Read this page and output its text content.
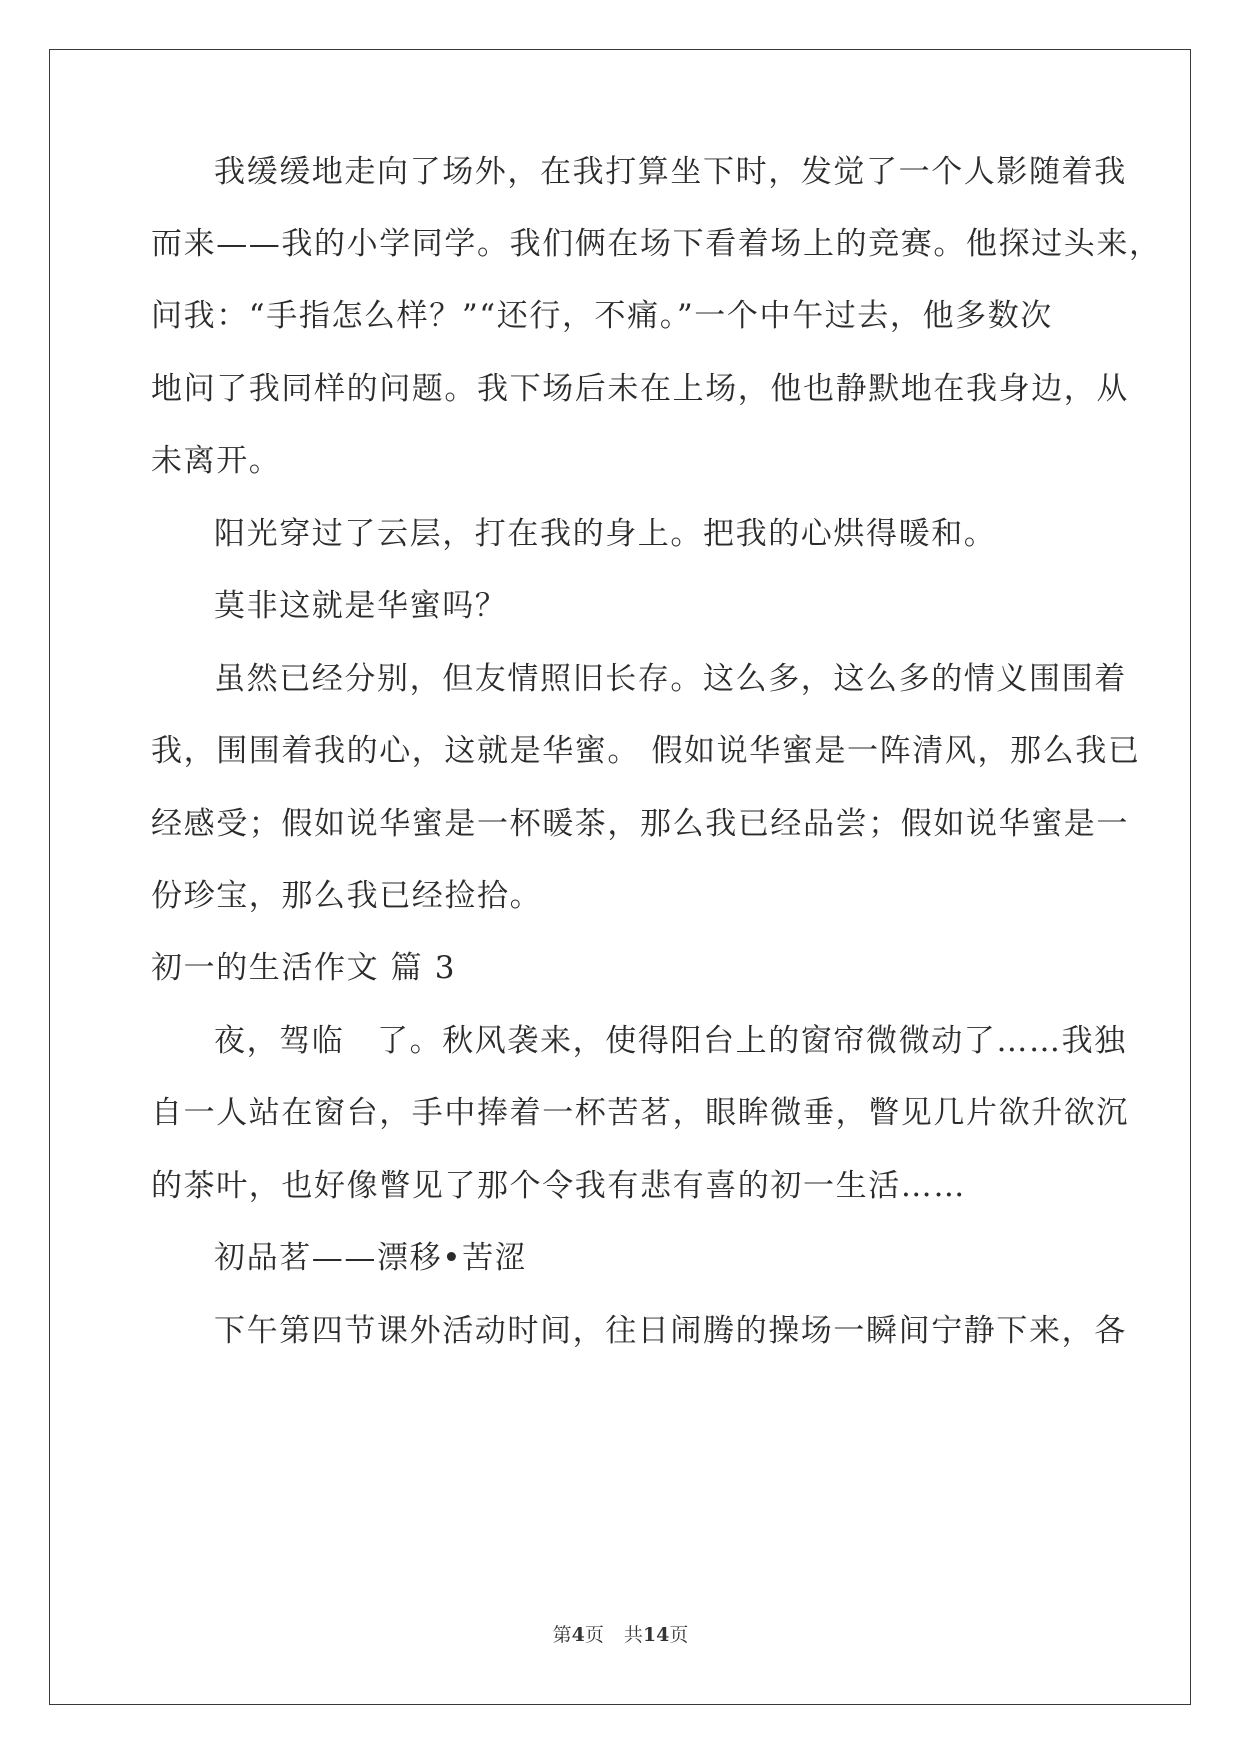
我缓缓地走向了场外，在我打算坐下时，发觉了一个人影随着我
而来——我的小学同学。我们俩在场下看着场上的竞赛。他探过头来，
问我：“手指怎么样？”“还行，不痛。”一个中午过去，他多数次
地问了我同样的问题。我下场后未在上场，他也静默地在我身边，从
未离开。
阳光穿过了云层，打在我的身上。把我的心烘得暖和。
莫非这就是华蜜吗？
虽然已经分别，但友情照旧长存。这么多，这么多的情义围围着
我，围围着我的心，这就是华蜜。 假如说华蜜是一阵清风，那么我已
经感受；假如说华蜜是一杯暖茶，那么我已经品尝；假如说华蜜是一
份珍宝，那么我已经捡拾。
初一的生活作文 篇 3
夜，驾临　了。秋风袭来，使得阳台上的窗帘微微动了……我独
自一人站在窗台，手中捧着一杯苦茗，眼眸微垂，瞥见几片欲升欲沉
的茶叶，也好像瞥见了那个令我有悲有喜的初一生活……
初品茗——漂移•苦涩
下午第四节课外活动时间，往日闹腾的操场一瞬间宁静下来，各
第4页 共14页
